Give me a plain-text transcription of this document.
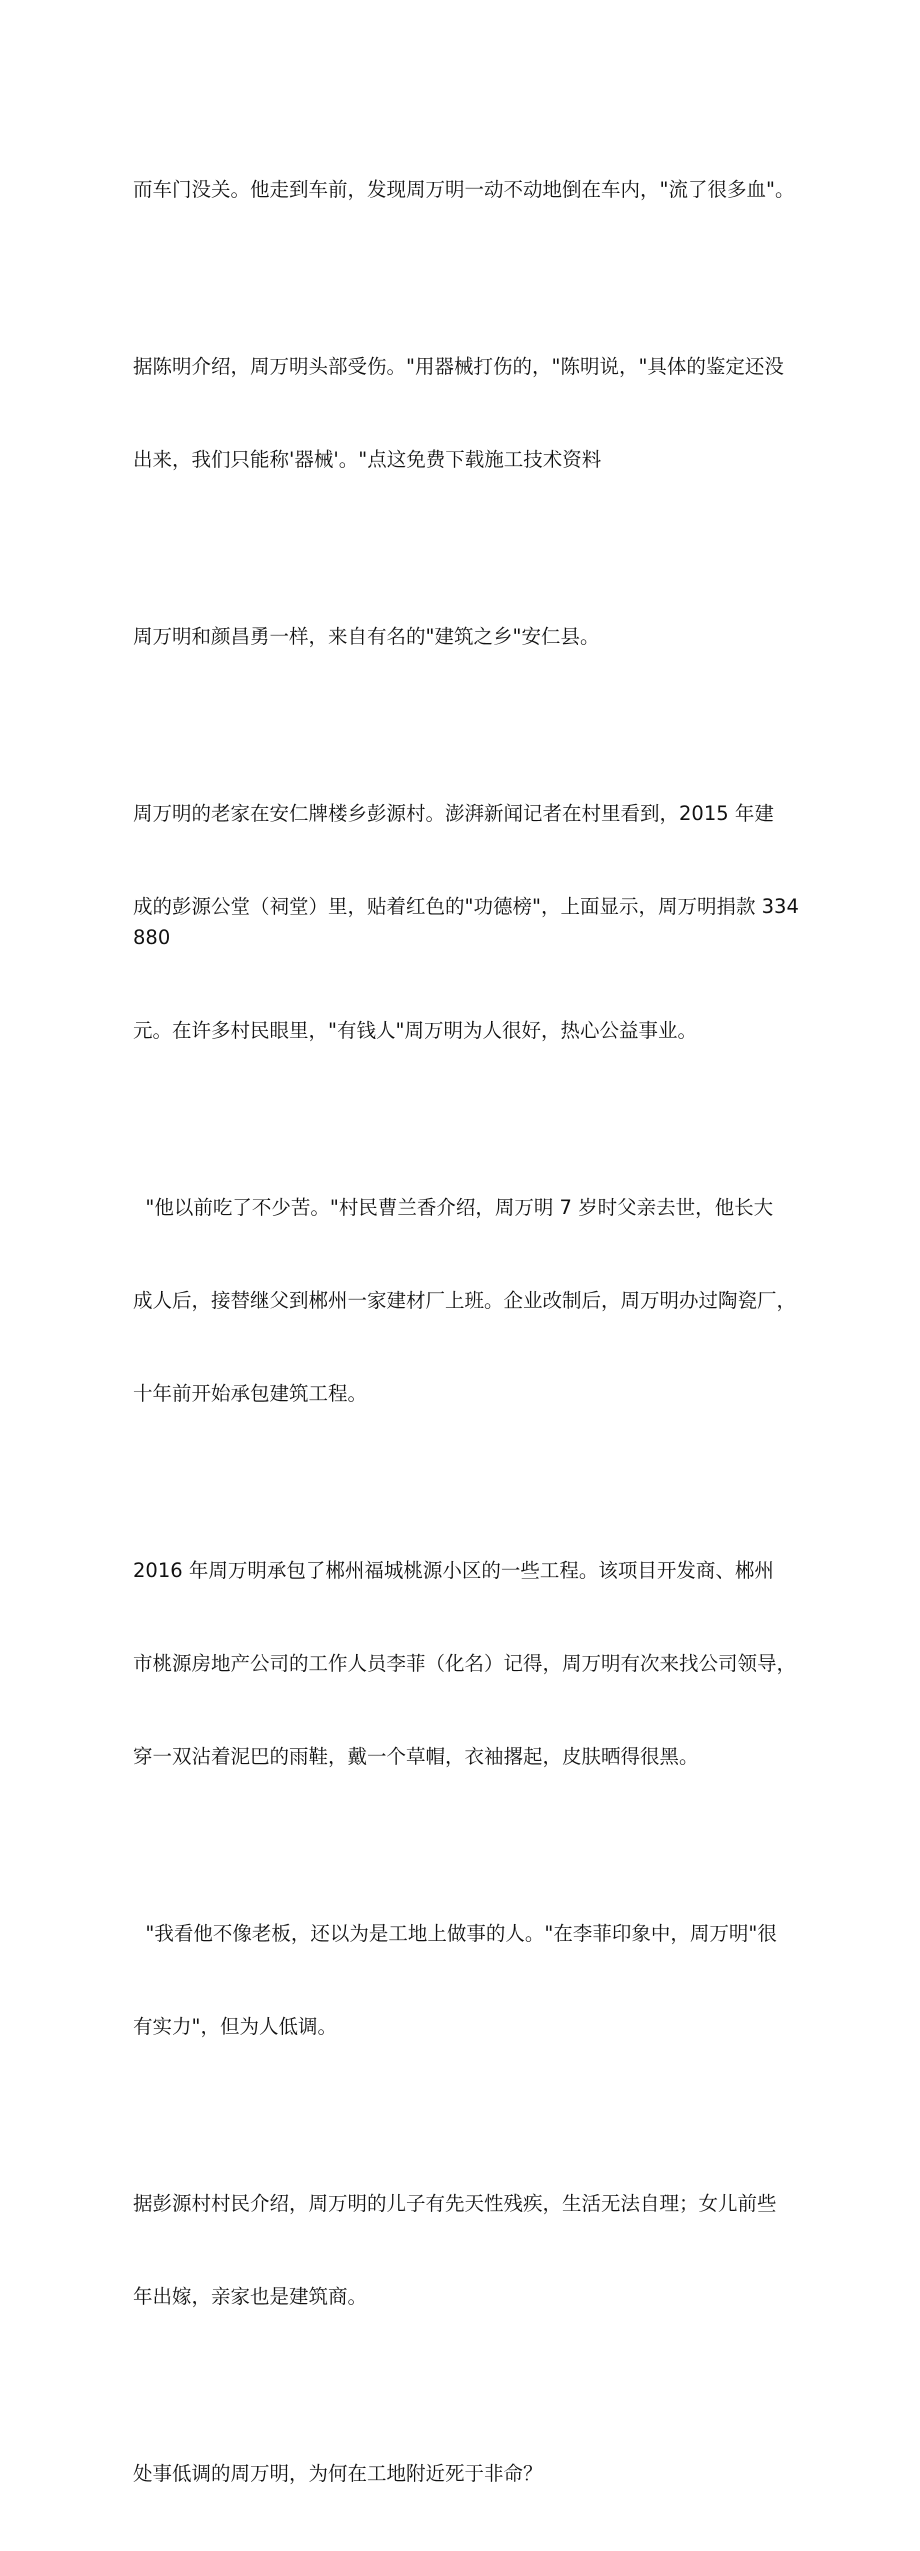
而车门没关。他走到车前，发现周万明一动不动地倒在车内，"流了很多血"。

据陈明介绍，周万明头部受伤。"用器械打伤的，"陈明说，"具体的鉴定还没

出来，我们只能称'器械'。"点这免费下载施工技术资料

周万明和颜昌勇一样，来自有名的"建筑之乡"安仁县。

周万明的老家在安仁牌楼乡彭源村。澎湃新闻记者在村里看到，2015 年建

成的彭源公堂（祠堂）里，贴着红色的"功德榜"，上面显示，周万明捐款 334880

元。在许多村民眼里，"有钱人"周万明为人很好，热心公益事业。

"他以前吃了不少苦。"村民曹兰香介绍，周万明 7 岁时父亲去世，他长大

成人后，接替继父到郴州一家建材厂上班。企业改制后，周万明办过陶瓷厂，

十年前开始承包建筑工程。

2016 年周万明承包了郴州福城桃源小区的一些工程。该项目开发商、郴州

市桃源房地产公司的工作人员李菲（化名）记得，周万明有次来找公司领导，

穿一双沾着泥巴的雨鞋，戴一个草帽，衣袖撂起，皮肤晒得很黑。

"我看他不像老板，还以为是工地上做事的人。"在李菲印象中，周万明"很

有实力"，但为人低调。

据彭源村村民介绍，周万明的儿子有先天性残疾，生活无法自理；女儿前些

年出嫁，亲家也是建筑商。

处事低调的周万明，为何在工地附近死于非命？
